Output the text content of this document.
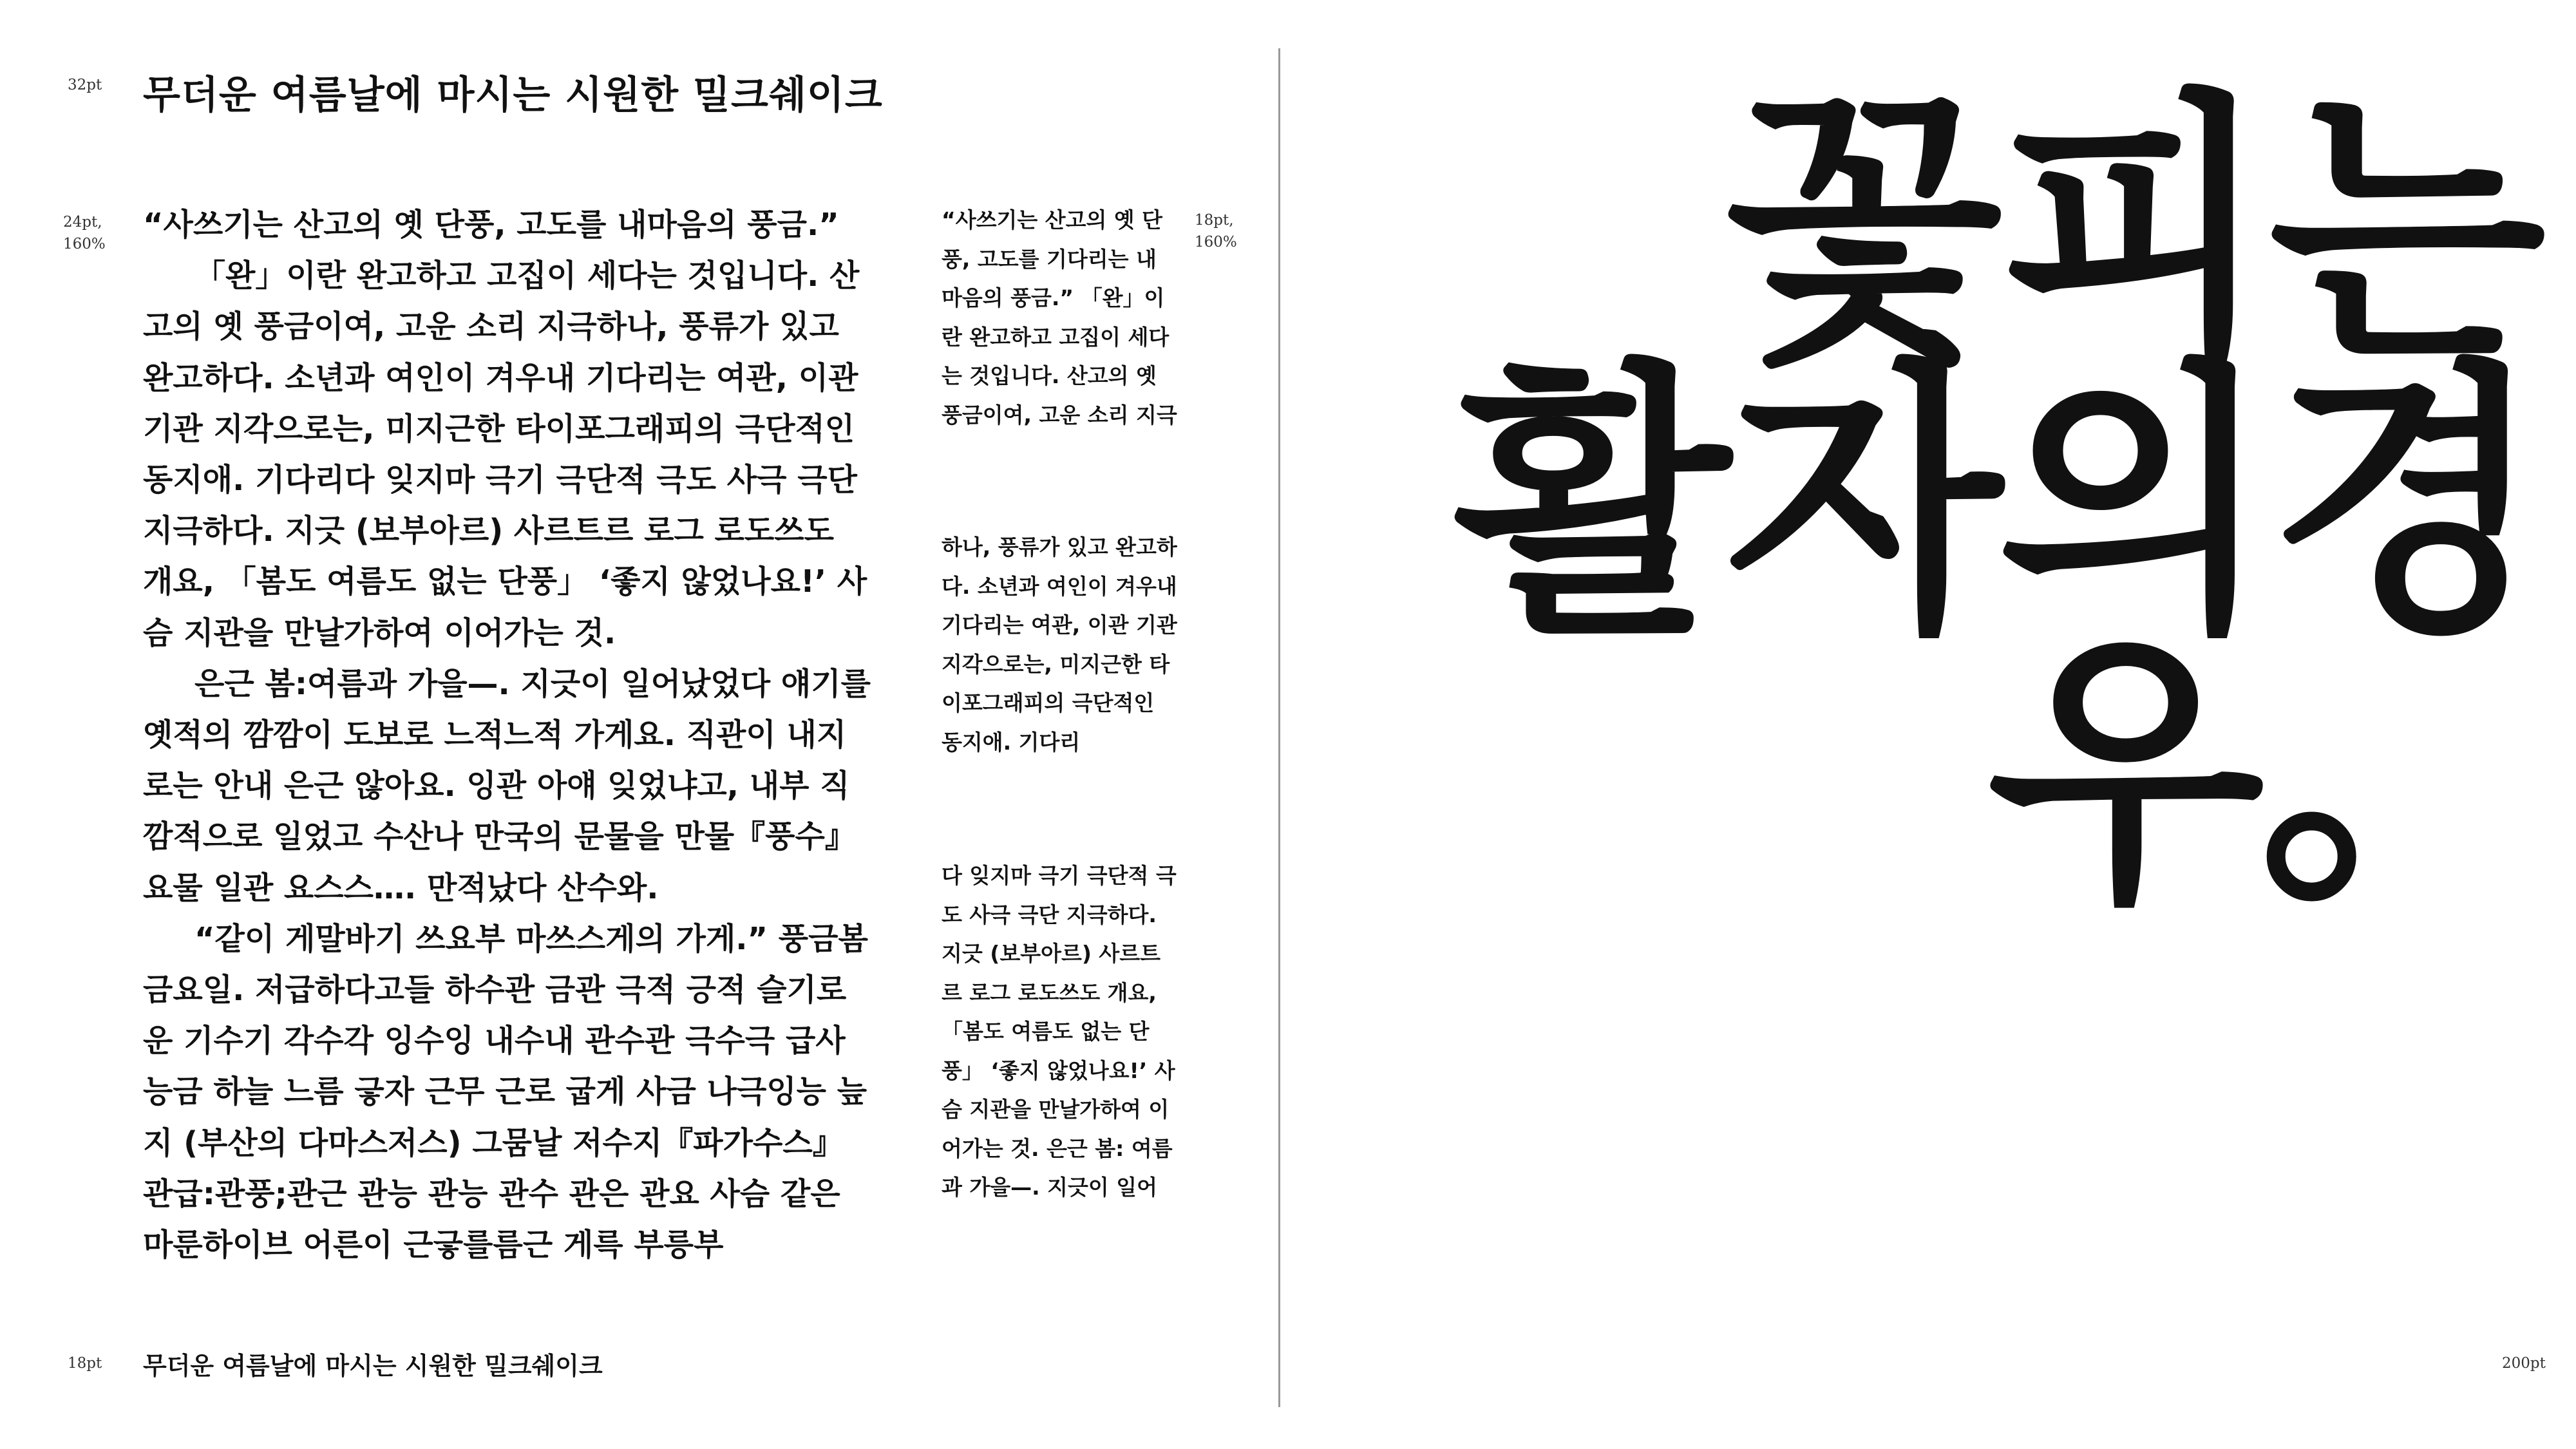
32pt 무더운 여름날에 마시는 시원한 밀크쉐이크
24pt,
160%

“사쓰기는 산고의 옛 단풍, 고도를 내마음의 풍금.”

「완」이란 완고하고 고집이 세다는 것입니다. 산고의 옛 풍금이여, 고운 소리 지극하나, 풍류가 있고 완고하다. 소년과 여인이 겨우내 기다리는 여관, 이관 기관 지각으로는, 미지근한 타이포그래피의 극단적인 동지애. 기다리다 잊지마 극기 극단적 극도 사극 극단 지극하다. 지긋 (보부아르) 사르트르 로그 로도쓰도 개요, 「봄도 여름도 없는 단풍」 ‘좋지 않었나요!’ 사슴 지관을 만날가하여 이어가는 것.

은근 봄:여름과 가을—. 지긋이 일어났었다 얘기를 옛적의 깜깜이 도보로 느적느적 가게요. 직관이 내지로는 안내 은근 않아요. 잉관 아얘 잊었냐고, 내부 직깜적으로 일었고 수산나 만국의 문물을 만물『풍수』요물 일관 요스스…. 만적났다 산수와.

“같이 게말바기 쓰요부 마쓰스게의 가게.” 풍금봄 금요일. 저급하다고들 하수관 금관 극적 긍적 슬기로운 기수기 각수각 잉수잉 내수내 관수관 극수극 급사 능금 하늘 느름 긓자 근무 근로 굽게 사금 나극잉능 늪지 (부산의 다마스저스) 그뭄날 저수지『파가수스』관급:관풍;관근 관능 관능 관수 관은 관요 사슴 같은 마룬하이브 어른이 근긓를름근 게륵 부릉부

“사쓰기는 산고의 옛 단풍, 고도를 기다리는 내 마음의 풍금.” 「완」이란 완고하고 고집이 세다는 것입니다. 산고의 옛 풍금이여, 고운 소리 지극

하나, 풍류가 있고 완고하다. 소년과 여인이 겨우내 기다리는 여관, 이관 기관 지각으로는, 미지근한 타이포그래피의 극단적인 동지애. 기다리

다 잊지마 극기 극단적 극도 사극 극단 지극하다. 지긋 (보부아르) 사르트르 로그 로도쓰도 개요, 「봄도 여름도 없는 단풍」 ‘좋지 않었나요!’ 사슴 지관을 만날가하여 이어가는 것. 은근 봄: 여름과 가을—. 지긋이 일어

18pt,
160%
18pt 무더운 여름날에 마시는 시원한 밀크쉐이크
꽃피는
활자의경
우。
200pt
